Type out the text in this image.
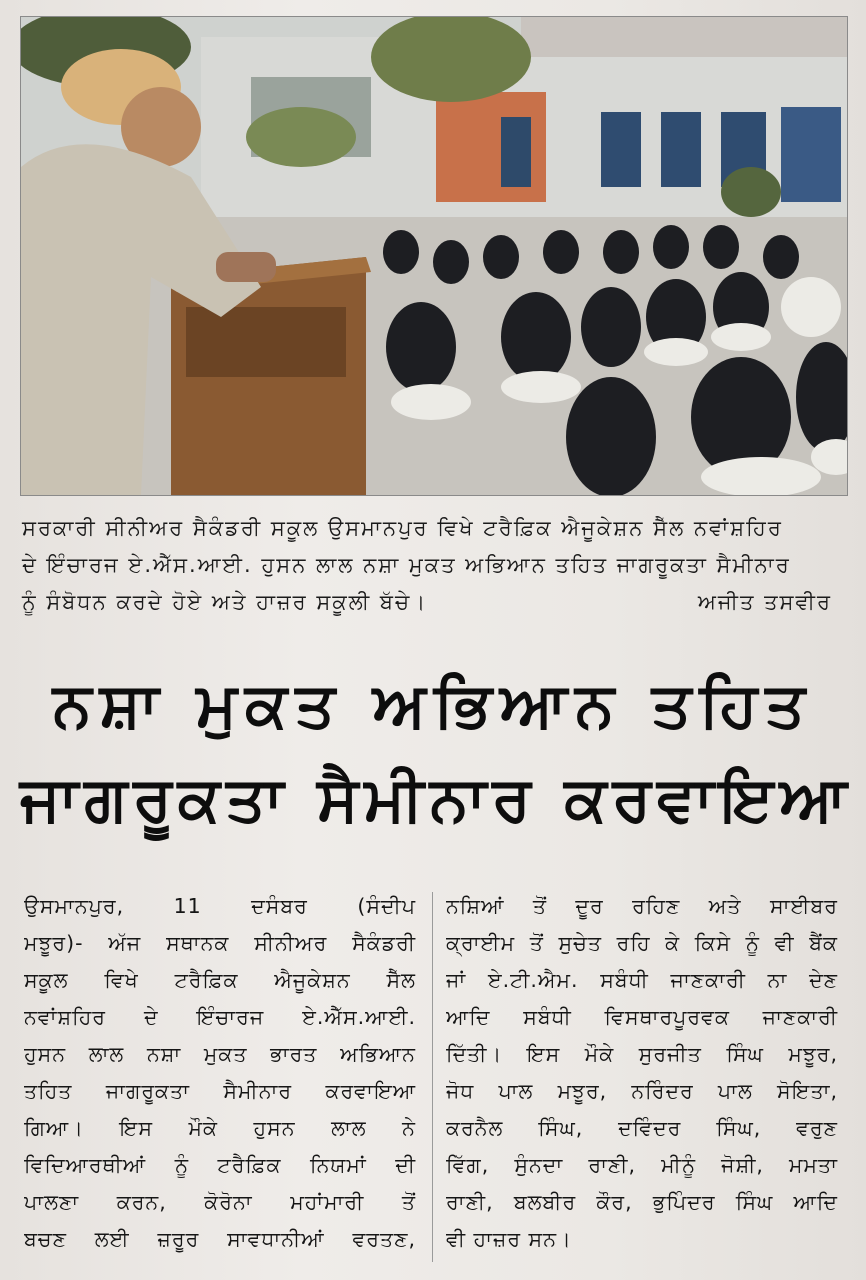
ਸਰਕਾਰੀ ਸੀਨੀਅਰ ਸੈਕੰਡਰੀ ਸਕੂਲ ਉਸਮਾਨਪੁਰ ਵਿਖੇ ਟਰੈਫ਼ਿਕ ਐਜੂਕੇਸ਼ਨ ਸੈੱਲ ਨਵਾਂਸ਼ਹਿਰ
ਦੇ ਇੰਚਾਰਜ ਏ.ਐੱਸ.ਆਈ. ਹੁਸਨ ਲਾਲ ਨਸ਼ਾ ਮੁਕਤ ਅਭਿਆਨ ਤਹਿਤ ਜਾਗਰੂਕਤਾ ਸੈਮੀਨਾਰ
ਨੂੰ ਸੰਬੋਧਨ ਕਰਦੇ ਹੋਏ ਅਤੇ ਹਾਜ਼ਰ ਸਕੂਲੀ ਬੱਚੇ।	ਅਜੀਤ ਤਸਵੀਰ
ਨਸ਼ਾ ਮੁਕਤ ਅਭਿਆਨ ਤਹਿਤ
ਜਾਗਰੂਕਤਾ ਸੈਮੀਨਾਰ ਕਰਵਾਇਆ
ਉਸਮਾਨਪੁਰ, 11 ਦਸੰਬਰ (ਸੰਦੀਪ
ਮਝੂਰ)- ਅੱਜ ਸਥਾਨਕ ਸੀਨੀਅਰ ਸੈਕੰਡਰੀ
ਸਕੂਲ ਵਿਖੇ ਟਰੈਫ਼ਿਕ ਐਜੂਕੇਸ਼ਨ ਸੈੱਲ
ਨਵਾਂਸ਼ਹਿਰ ਦੇ ਇੰਚਾਰਜ ਏ.ਐੱਸ.ਆਈ.
ਹੁਸਨ ਲਾਲ ਨਸ਼ਾ ਮੁਕਤ ਭਾਰਤ ਅਭਿਆਨ
ਤਹਿਤ ਜਾਗਰੂਕਤਾ ਸੈਮੀਨਾਰ ਕਰਵਾਇਆ
ਗਿਆ। ਇਸ ਮੌਕੇ ਹੁਸਨ ਲਾਲ ਨੇ
ਵਿਦਿਆਰਥੀਆਂ ਨੂੰ ਟਰੈਫ਼ਿਕ ਨਿਯਮਾਂ ਦੀ
ਪਾਲਣਾ ਕਰਨ, ਕੋਰੋਨਾ ਮਹਾਂਮਾਰੀ ਤੋਂ
ਬਚਣ ਲਈ ਜ਼ਰੂਰ ਸਾਵਧਾਨੀਆਂ ਵਰਤਣ,
ਨਸ਼ਿਆਂ ਤੋਂ ਦੂਰ ਰਹਿਣ ਅਤੇ ਸਾਈਬਰ
ਕ੍ਰਾਈਮ ਤੋਂ ਸੁਚੇਤ ਰਹਿ ਕੇ ਕਿਸੇ ਨੂੰ ਵੀ ਬੈਂਕ
ਜਾਂ ਏ.ਟੀ.ਐਮ. ਸਬੰਧੀ ਜਾਣਕਾਰੀ ਨਾ ਦੇਣ
ਆਦਿ ਸਬੰਧੀ ਵਿਸਥਾਰਪੂਰਵਕ ਜਾਣਕਾਰੀ
ਦਿੱਤੀ। ਇਸ ਮੌਕੇ ਸੁਰਜੀਤ ਸਿੰਘ ਮਝੂਰ,
ਜੋਧ ਪਾਲ ਮਝੂਰ, ਨਰਿੰਦਰ ਪਾਲ ਸੋਇਤਾ,
ਕਰਨੈਲ ਸਿੰਘ, ਦਵਿੰਦਰ ਸਿੰਘ, ਵਰੁਣ
ਵਿੱਗ, ਸੁੰਨਦਾ ਰਾਣੀ, ਮੀਨੂੰ ਜੋਸ਼ੀ, ਮਮਤਾ
ਰਾਣੀ, ਬਲਬੀਰ ਕੌਰ, ਭੁਪਿੰਦਰ ਸਿੰਘ ਆਦਿ
ਵੀ ਹਾਜ਼ਰ ਸਨ।
